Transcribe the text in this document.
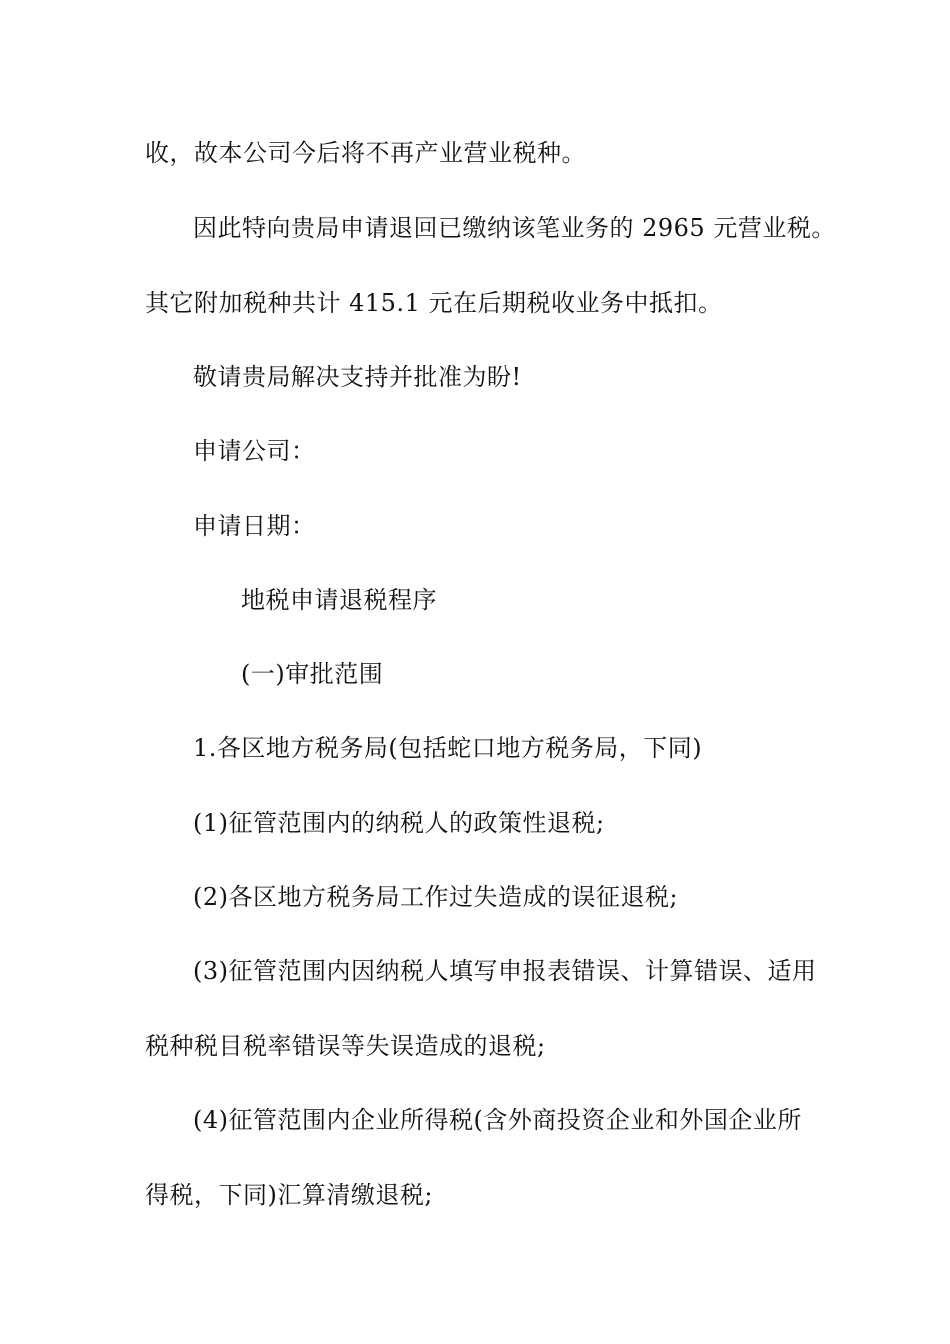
收，故本公司今后将不再产业营业税种。

因此特向贵局申请退回已缴纳该笔业务的 2965 元营业税。

其它附加税种共计 415.1 元在后期税收业务中抵扣。

敬请贵局解决支持并批准为盼!

申请公司：

申请日期：

地税申请退税程序

(一)审批范围

1.各区地方税务局(包括蛇口地方税务局，下同)

(1)征管范围内的纳税人的政策性退税;

(2)各区地方税务局工作过失造成的误征退税;

(3)征管范围内因纳税人填写申报表错误、计算错误、适用

税种税目税率错误等失误造成的退税;

(4)征管范围内企业所得税(含外商投资企业和外国企业所

得税，下同)汇算清缴退税;
